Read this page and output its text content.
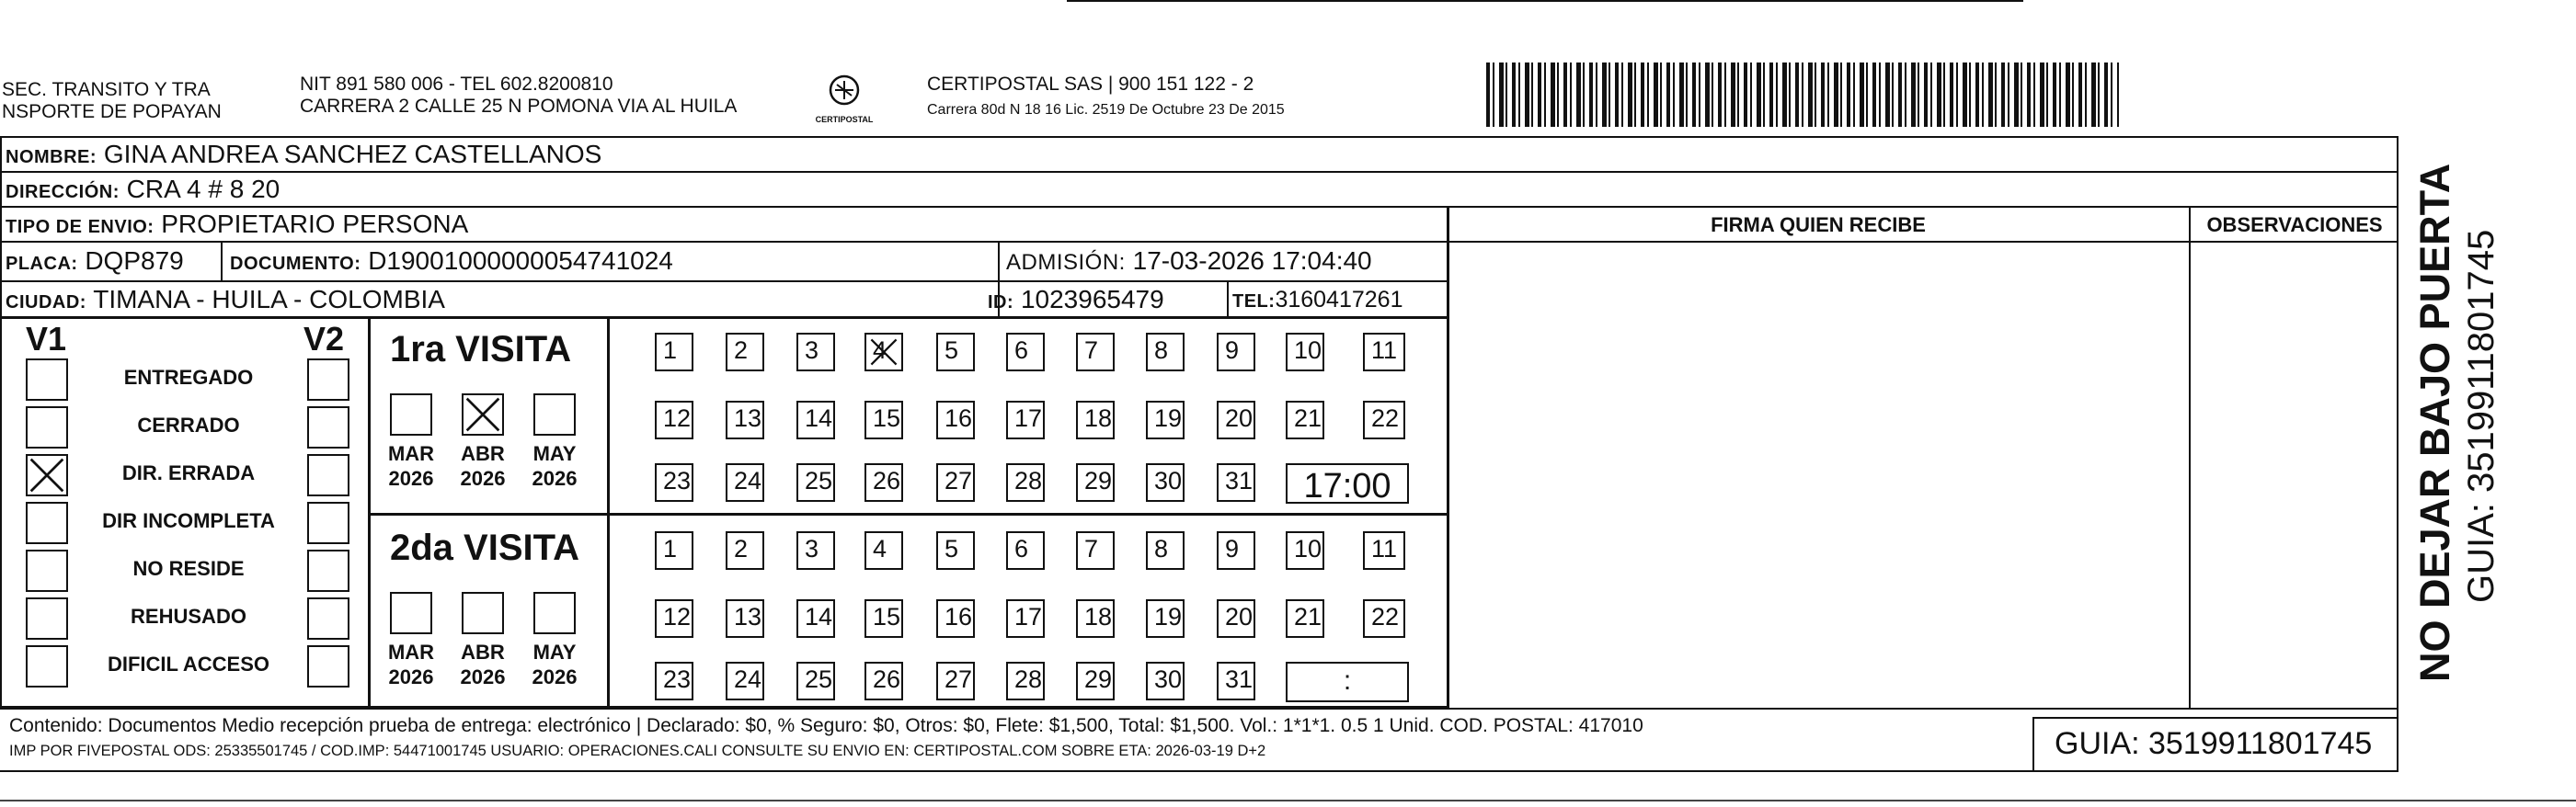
SEC. TRANSITO Y TRA
NSPORTE DE POPAYAN
NIT 891 580 006 - TEL 602.8200810
CARRERA 2 CALLE 25 N POMONA VIA AL HUILA
CERTIPOSTAL
CERTIPOSTAL SAS | 900 151 122 - 2
Carrera 80d N 18 16 Lic. 2519 De Octubre 23 De 2015
NOMBRE: GINA ANDREA SANCHEZ CASTELLANOS
DIRECCIÓN: CRA 4 # 8 20
TIPO DE ENVIO: PROPIETARIO PERSONA	FIRMA QUIEN RECIBE	OBSERVACIONES
PLACA: DQP879	DOCUMENTO: D19001000000054741024	ADMISIÓN: 17-03-2026 17:04:40
CIUDAD: TIMANA - HUILA - COLOMBIA	ID: 1023965479	TEL:3160417261
V1	V2
ENTREGADO
CERRADO
DIR. ERRADA
DIR INCOMPLETA
NO RESIDE
REHUSADO
DIFICIL ACCESO
1ra VISITA
MAR
2026
ABR
2026
MAY
2026
1	2	3	4	5	6	7	8	9	10	11
12	13	14	15	16	17	18	19	20	21	22
23	24	25	26	27	28	29	30	31	17:00
2da VISITA
MAR
2026
ABR
2026
MAY
2026
1	2	3	4	5	6	7	8	9	10	11
12	13	14	15	16	17	18	19	20	21	22
23	24	25	26	27	28	29	30	31	:
Contenido: Documentos Medio recepción prueba de entrega: electrónico | Declarado: $0, % Seguro: $0, Otros: $0, Flete: $1,500, Total: $1,500. Vol.: 1*1*1. 0.5 1 Unid. COD. POSTAL: 417010
IMP POR FIVEPOSTAL ODS: 25335501745 / COD.IMP: 54471001745 USUARIO: OPERACIONES.CALI CONSULTE SU ENVIO EN: CERTIPOSTAL.COM SOBRE ETA: 2026-03-19 D+2	GUIA: 3519911801745
NO DEJAR BAJO PUERTA GUIA: 3519911801745
